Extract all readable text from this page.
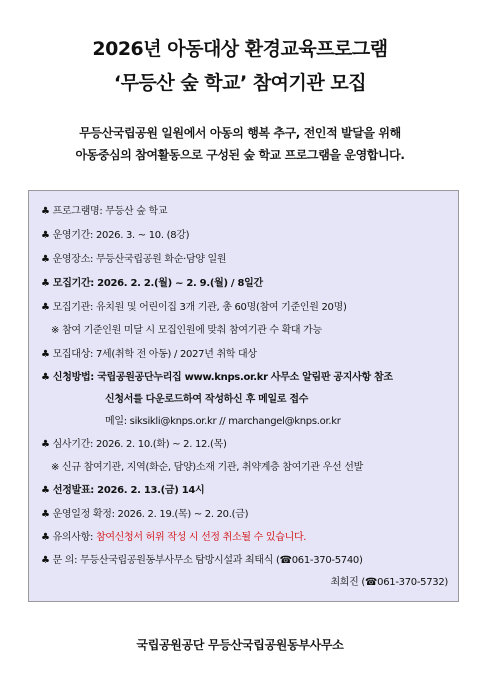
2026년 아동대상 환경교육프로그램
‘무등산 숲 학교’ 참여기관 모집
무등산국립공원 일원에서 아동의 행복 추구, 전인적 발달을 위해
아동중심의 참여활동으로 구성된 숲 학교 프로그램을 운영합니다.
♣ 프로그램명: 무등산 숲 학교
♣ 운영기간: 2026. 3. ~ 10. (8강)
♣ 운영장소: 무등산국립공원 화순·담양 일원
♣ 모집기간: 2026. 2. 2.(월) ~ 2. 9.(월) / 8일간
♣ 모집기관: 유치원 및 어린이집 3개 기관, 총 60명(참여 기준인원 20명)
※ 참여 기준인원 미달 시 모집인원에 맞춰 참여기관 수 확대 가능
♣ 모집대상: 7세(취학 전 아동) / 2027년 취학 대상
♣ 신청방법: 국립공원공단누리집 www.knps.or.kr 사무소 알림판 공지사항 참조
신청서를 다운로드하여 작성하신 후 메일로 접수
메일: siksikli@knps.or.kr // marchangel@knps.or.kr
♣ 심사기간: 2026. 2. 10.(화) ~ 2. 12.(목)
※ 신규 참여기관, 지역(화순, 담양)소재 기관, 취약계층 참여기관 우선 선발
♣ 선정발표: 2026. 2. 13.(금) 14시
♣ 운영일정 확정: 2026. 2. 19.(목) ~ 2. 20.(금)
♣ 유의사항: 참여신청서 허위 작성 시 선정 취소될 수 있습니다.
♣ 문 의: 무등산국립공원동부사무소 탐방시설과 최태식 (☎061-370-5740)
최희진 (☎061-370-5732)
국립공원공단 무등산국립공원동부사무소
